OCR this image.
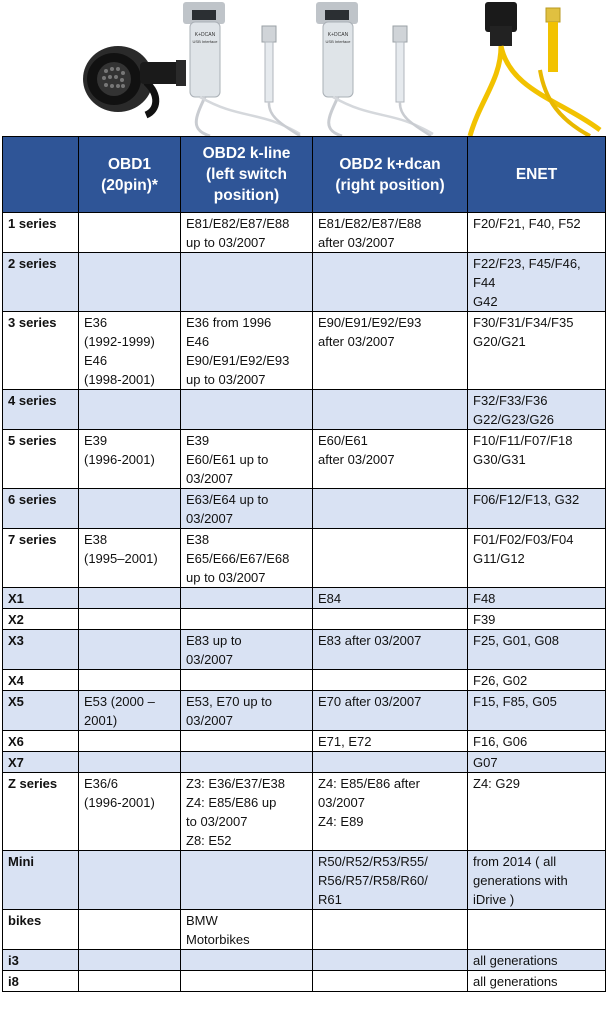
K+DCAN
USB Interface
K+DCAN
USB Interface

	OBD1
(20pin)*	OBD2 k-line
(left switch
position)	OBD2 k+dcan
(right position)	ENET

1 series		E81/E82/E87/E88
up to 03/2007	E81/E82/E87/E88
after 03/2007	F20/F21, F40, F52

2 series				F22/F23, F45/F46,
F44
G42

3 series	E36
(1992-1999)
E46
(1998-2001)	E36 from 1996
E46
E90/E91/E92/E93
up to 03/2007	E90/E91/E92/E93
after 03/2007	F30/F31/F34/F35
G20/G21

4 series				F32/F33/F36
G22/G23/G26

5 series	E39
(1996-2001)	E39
E60/E61 up to
03/2007	E60/E61
after 03/2007	F10/F11/F07/F18
G30/G31

6 series		E63/E64 up to
03/2007		F06/F12/F13, G32

7 series	E38
(1995–2001)	E38
E65/E66/E67/E68
up to 03/2007		F01/F02/F03/F04
G11/G12

X1			E84	F48

X2				F39

X3		E83 up to
03/2007	E83 after 03/2007	F25, G01, G08

X4				F26, G02

X5	E53 (2000 –
2001)	E53, E70 up to
03/2007	E70 after 03/2007	F15, F85, G05

X6			E71, E72	F16, G06

X7				G07

Z series	E36/6
(1996-2001)	Z3: E36/E37/E38
Z4: E85/E86 up
to 03/2007
Z8: E52	Z4: E85/E86 after
03/2007
Z4: E89	Z4: G29

Mini			R50/R52/R53/R55/
R56/R57/R58/R60/
R61	from 2014 ( all
generations with
iDrive )

bikes		BMW
Motorbikes		

i3				all generations

i8				all generations
